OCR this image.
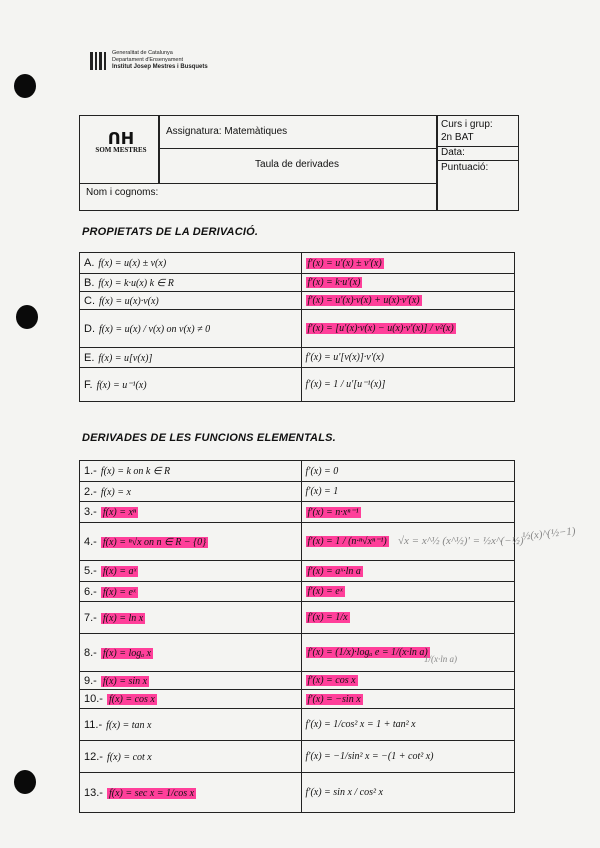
Generalitat de Catalunya
Departament d'Ensenyament
Institut Josep Mestres i Busquets
ᑎᕼ
SOM MESTRES
Assignatura: Matemàtiques
Taula de derivades
Curs i grup:
2n BAT
Data:
Puntuació:
Nom i cognoms:
PROPIETATS DE LA DERIVACIÓ.
A. f(x) = u(x) ± v(x)	f'(x) = u'(x) ± v'(x)
B. f(x) = k·u(x) k ∈ R	f'(x) = k·u'(x)
C. f(x) = u(x)·v(x)	f'(x) = u'(x)·v(x) + u(x)·v'(x)
D. f(x) = u(x) / v(x) on v(x) ≠ 0	f'(x) = [u'(x)·v(x) − u(x)·v'(x)] / v²(x)
E. f(x) = u[v(x)]	f'(x) = u'[v(x)]·v'(x)
F. f(x) = u⁻¹(x)	f'(x) = 1 / u'[u⁻¹(x)]
DERIVADES DE LES FUNCIONS ELEMENTALS.
1.- f(x) = k on k ∈ R	f'(x) = 0
2.- f(x) = x	f'(x) = 1
3.- f(x) = xⁿ	f'(x) = n·xⁿ⁻¹
4.- f(x) = ⁿ√x on n ∈ R − {0}	f'(x) = 1 / (n·ⁿ√xⁿ⁻¹)
5.- f(x) = aˣ	f'(x) = aˣ·ln a
6.- f(x) = eˣ	f'(x) = eˣ
7.- f(x) = ln x	f'(x) = 1/x
8.- f(x) = logₐ x	f'(x) = (1/x)·logₐ e = 1/(x·ln a)
9.- f(x) = sin x	f'(x) = cos x
10.- f(x) = cos x	f'(x) = −sin x
11.- f(x) = tan x	f'(x) = 1/cos² x = 1 + tan² x
12.- f(x) = cot x	f'(x) = −1/sin² x = −(1 + cot² x)
13.- f(x) = sec x = 1/cos x	f'(x) = sin x / cos² x
√x = x^½ (x^½)' = ½x^(−½)
½(x)^(½−1)
1/(x·ln a)
